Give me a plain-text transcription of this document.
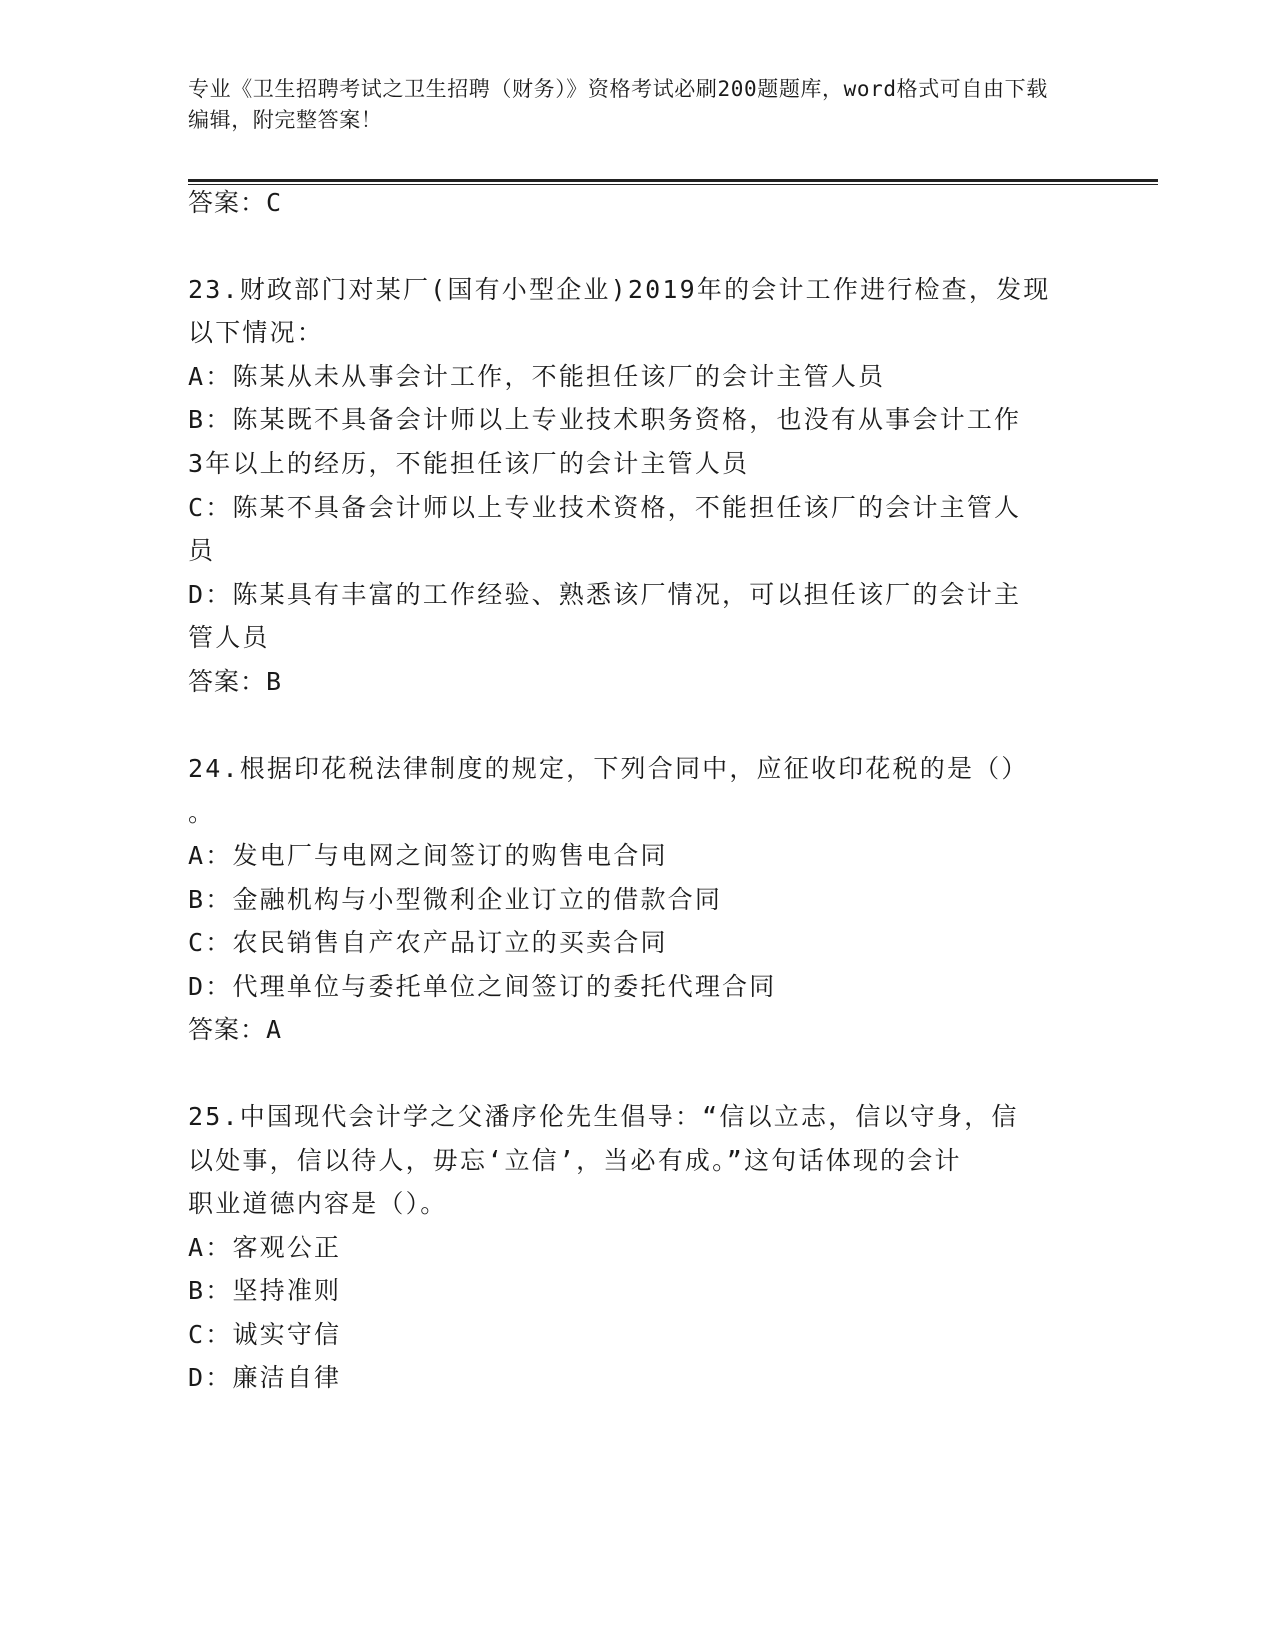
专业《卫生招聘考试之卫生招聘（财务）》资格考试必刷200题题库，word格式可自由下载编辑，附完整答案！
答案：C
23.财政部门对某厂(国有小型企业)2019年的会计工作进行检查，发现
以下情况：
A：陈某从未从事会计工作，不能担任该厂的会计主管人员
B：陈某既不具备会计师以上专业技术职务资格，也没有从事会计工作
3年以上的经历，不能担任该厂的会计主管人员
C：陈某不具备会计师以上专业技术资格，不能担任该厂的会计主管人
员
D：陈某具有丰富的工作经验、熟悉该厂情况，可以担任该厂的会计主
管人员
答案：B
24.根据印花税法律制度的规定，下列合同中，应征收印花税的是（）
。
A：发电厂与电网之间签订的购售电合同
B：金融机构与小型微利企业订立的借款合同
C：农民销售自产农产品订立的买卖合同
D：代理单位与委托单位之间签订的委托代理合同
答案：A
25.中国现代会计学之父潘序伦先生倡导：“信以立志，信以守身，信
以处事，信以待人，毋忘‘立信’，当必有成。”这句话体现的会计
职业道德内容是（）。
A：客观公正
B：坚持准则
C：诚实守信
D：廉洁自律
